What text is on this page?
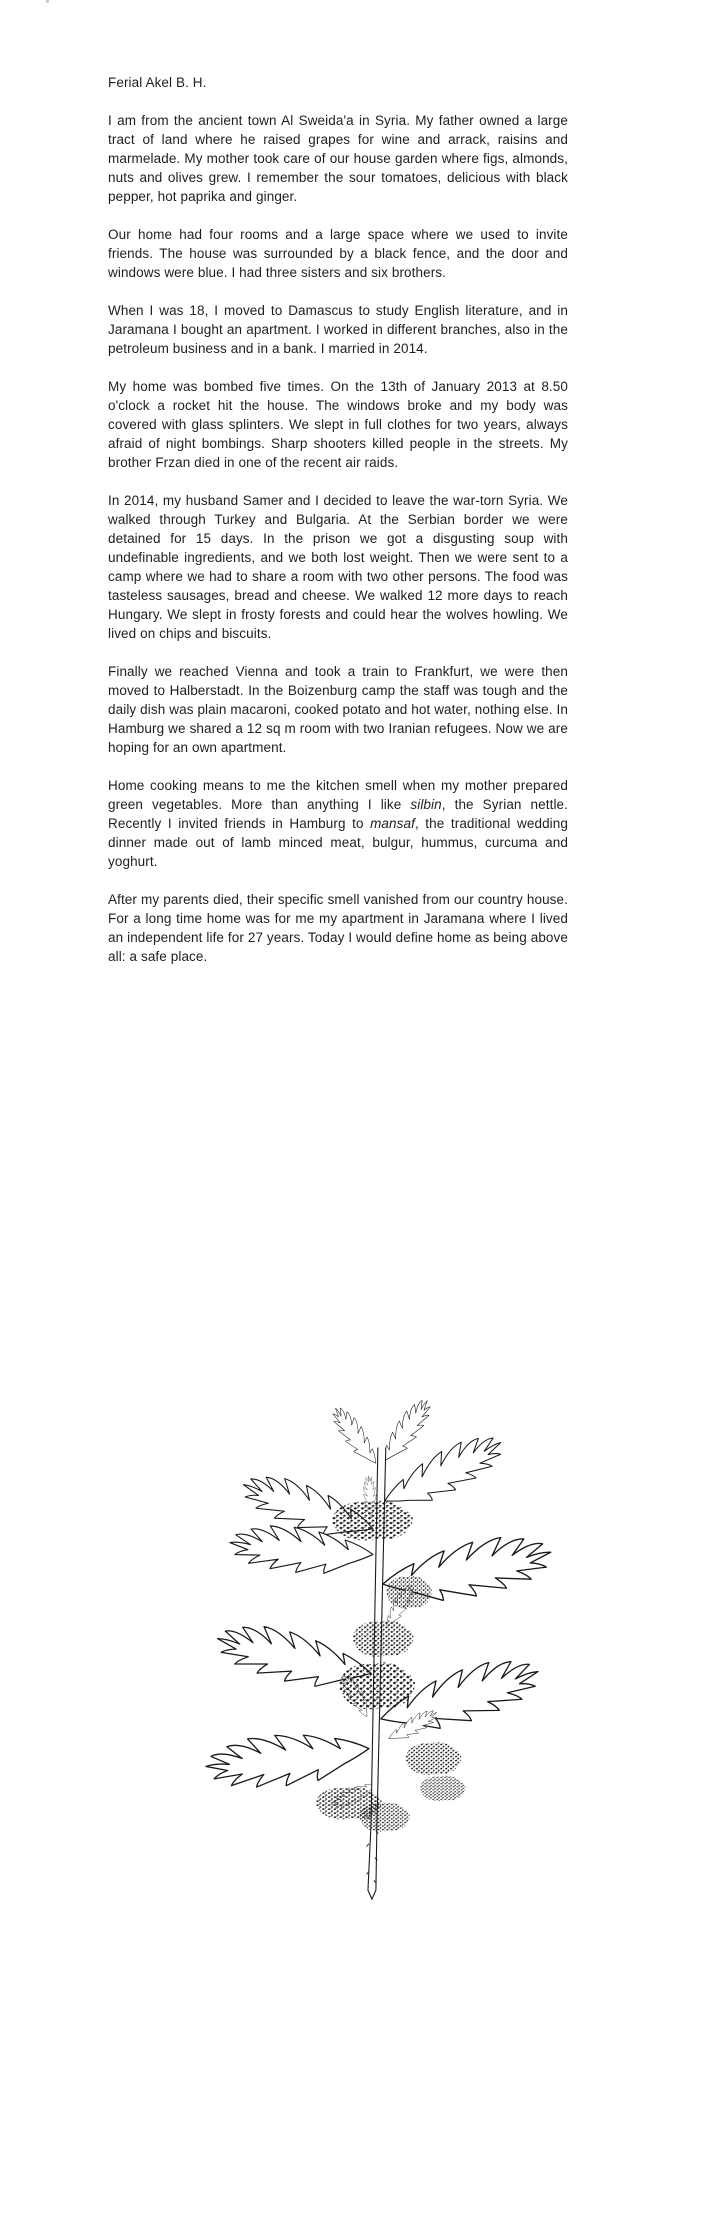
Ferial Akel B. H.

I am from the ancient town Al Sweida'a in Syria. My father owned a large tract of land where he raised grapes for wine and arrack, raisins and marmelade. My mother took care of our house garden where figs, almonds, nuts and olives grew. I remember the sour tomatoes, delicious with black pepper, hot paprika and ginger.

Our home had four rooms and a large space where we used to invite friends. The house was surrounded by a black fence, and the door and windows were blue. I had three sisters and six brothers.

When I was 18, I moved to Damascus to study English literature, and in Jaramana I bought an apartment. I worked in different branches, also in the petroleum business and in a bank. I married in 2014.

My home was bombed five times. On the 13th of January 2013 at 8.50 o'clock a rocket hit the house. The windows broke and my body was covered with glass splinters. We slept in full clothes for two years, always afraid of night bombings. Sharp shooters killed people in the streets. My brother Frzan died in one of the recent air raids.

In 2014, my husband Samer and I decided to leave the war-torn Syria. We walked through Turkey and Bulgaria. At the Serbian border we were detained for 15 days. In the prison we got a disgusting soup with undefinable ingredients, and we both lost weight. Then we were sent to a camp where we had to share a room with two other persons. The food was tasteless sausages, bread and cheese. We walked 12 more days to reach Hungary. We slept in frosty forests and could hear the wolves howling. We lived on chips and biscuits.

Finally we reached Vienna and took a train to Frankfurt, we were then moved to Halberstadt. In the Boizenburg camp the staff was tough and the daily dish was plain macaroni, cooked potato and hot water, nothing else. In Hamburg we shared a 12 sq m room with two Iranian refugees. Now we are hoping for an own apartment.

Home cooking means to me the kitchen smell when my mother prepared green vegetables. More than anything I like silbin, the Syrian nettle. Recently I invited friends in Hamburg to mansaf, the traditional wedding dinner made out of lamb minced meat, bulgur, hummus, curcuma and yoghurt.

After my parents died, their specific smell vanished from our country house. For a long time home was for me my apartment in Jaramana where I lived an independent life for 27 years. Today I would define home as being above all: a safe place.
